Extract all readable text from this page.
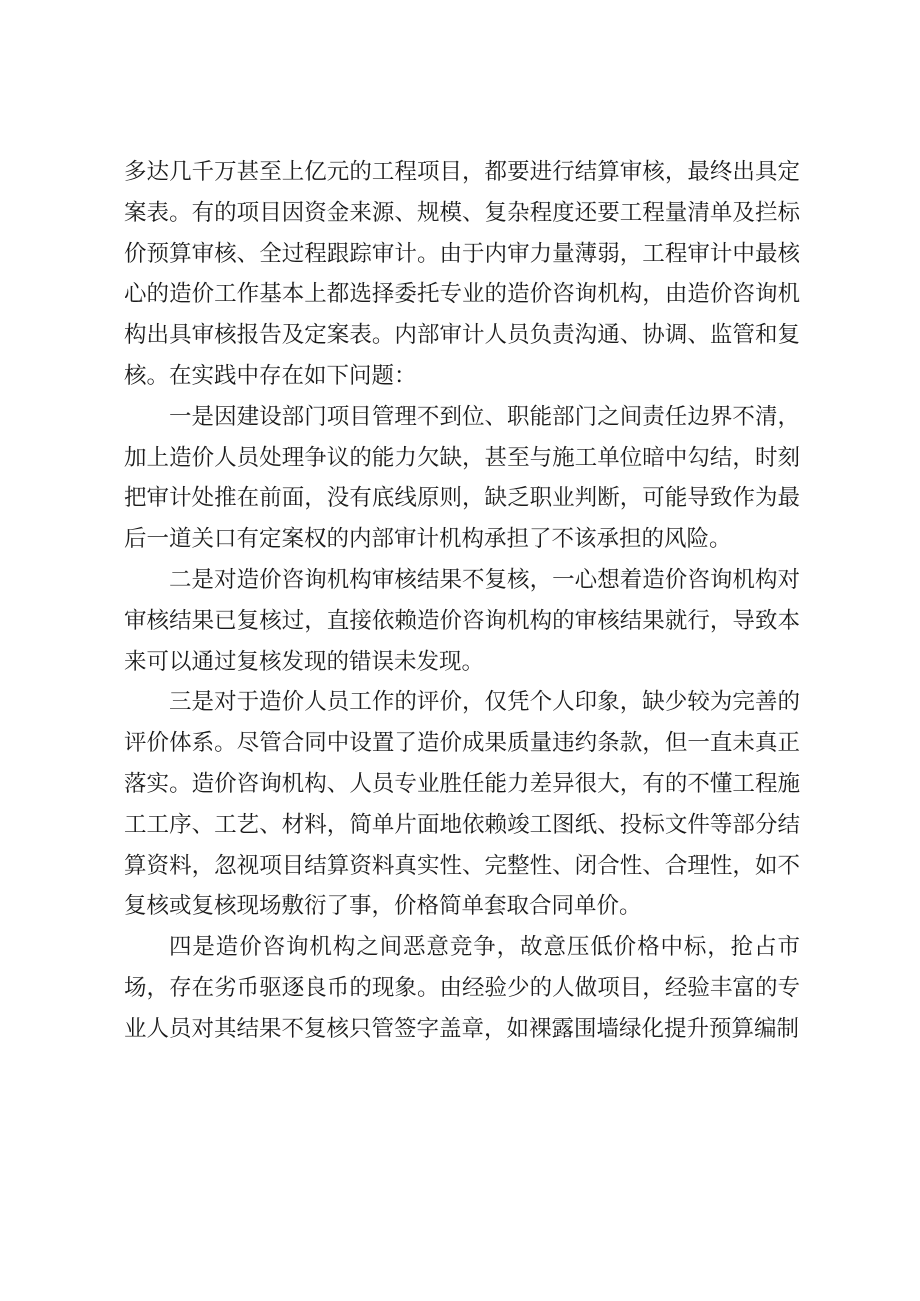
多达几千万甚至上亿元的工程项目，都要进行结算审核，最终出具定案表。有的项目因资金来源、规模、复杂程度还要工程量清单及拦标价预算审核、全过程跟踪审计。由于内审力量薄弱，工程审计中最核心的造价工作基本上都选择委托专业的造价咨询机构，由造价咨询机构出具审核报告及定案表。内部审计人员负责沟通、协调、监管和复核。在实践中存在如下问题：

一是因建设部门项目管理不到位、职能部门之间责任边界不清，加上造价人员处理争议的能力欠缺，甚至与施工单位暗中勾结，时刻把审计处推在前面，没有底线原则，缺乏职业判断，可能导致作为最后一道关口有定案权的内部审计机构承担了不该承担的风险。

二是对造价咨询机构审核结果不复核，一心想着造价咨询机构对审核结果已复核过，直接依赖造价咨询机构的审核结果就行，导致本来可以通过复核发现的错误未发现。

三是对于造价人员工作的评价，仅凭个人印象，缺少较为完善的评价体系。尽管合同中设置了造价成果质量违约条款，但一直未真正落实。造价咨询机构、人员专业胜任能力差异很大，有的不懂工程施工工序、工艺、材料，简单片面地依赖竣工图纸、投标文件等部分结算资料，忽视项目结算资料真实性、完整性、闭合性、合理性，如不复核或复核现场敷衍了事，价格简单套取合同单价。

四是造价咨询机构之间恶意竞争，故意压低价格中标，抢占市场，存在劣币驱逐良币的现象。由经验少的人做项目，经验丰富的专业人员对其结果不复核只管签字盖章，如裸露围墙绿化提升预算编制
